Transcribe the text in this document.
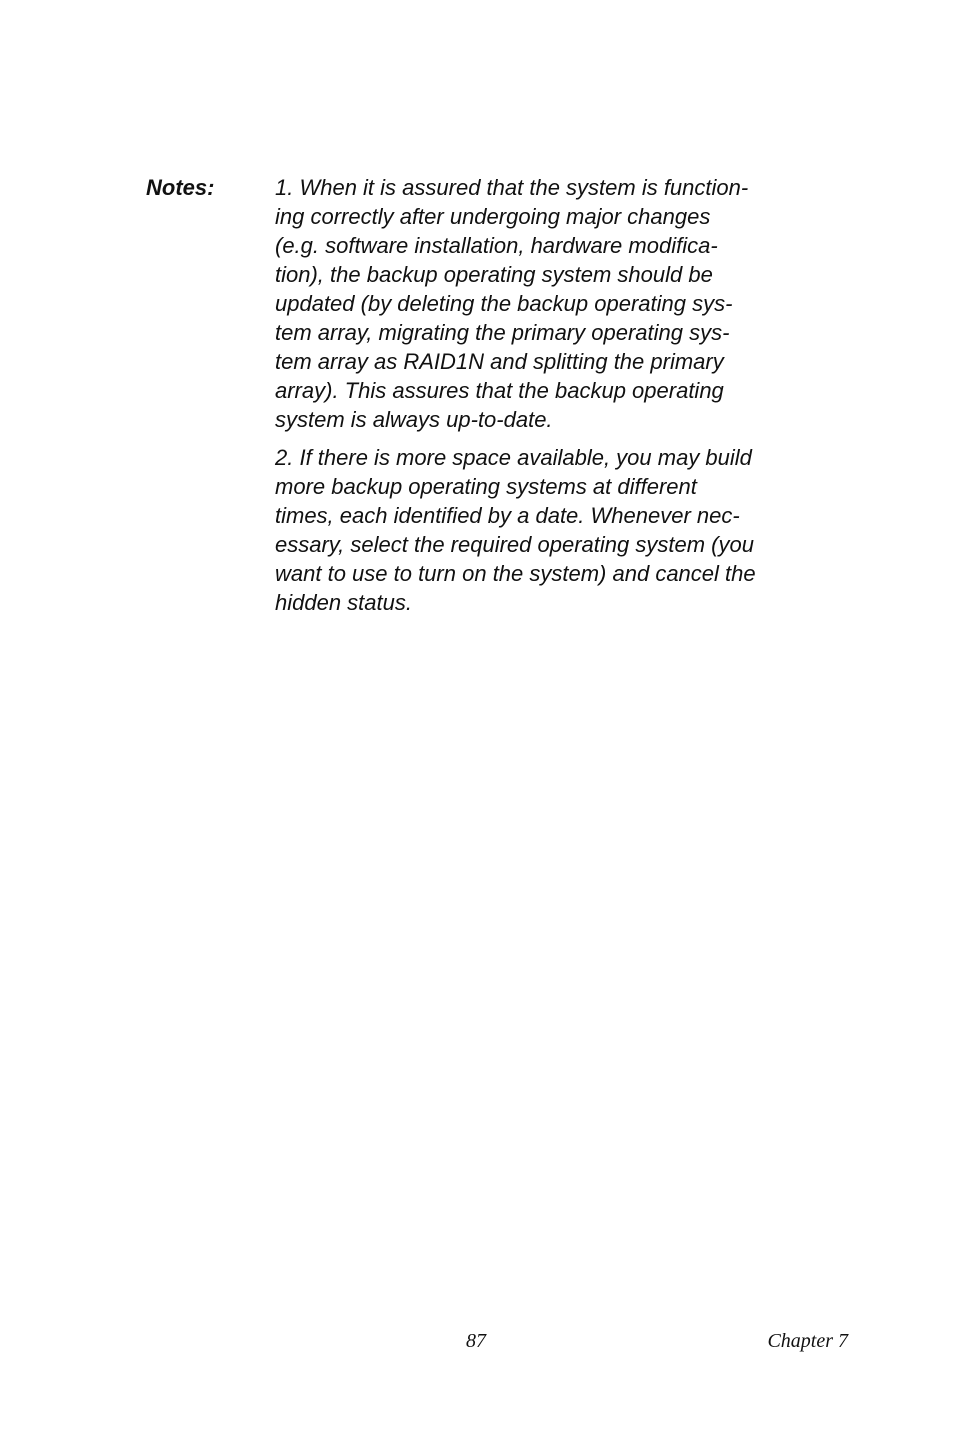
Notes:	1. When it is assured that the system is function-
ing correctly after undergoing major changes
(e.g. software installation, hardware modifica-
tion), the backup operating system should be
updated (by deleting the backup operating sys-
tem array, migrating the primary operating sys-
tem array as RAID1N and splitting the primary
array). This assures that the backup operating
system is always up-to-date.
2. If there is more space available, you may build
more backup operating systems at different
times, each identified by a date. Whenever nec-
essary, select the required operating system (you
want to use to turn on the system) and cancel the
hidden status.
87	Chapter 7
